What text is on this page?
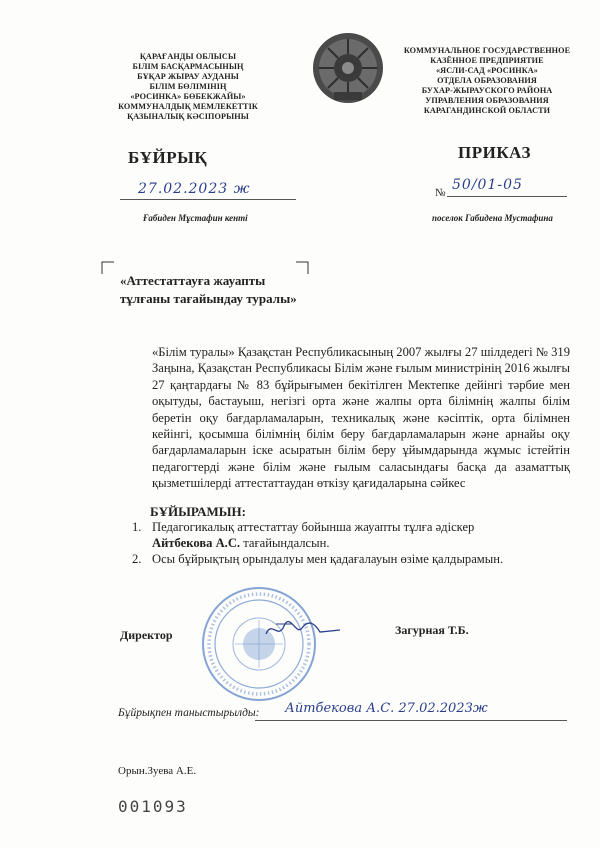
ҚАРАҒАНДЫ ОБЛЫСЫ
БІЛІМ БАСҚАРМАСЫНЫҢ
БҰҚАР ЖЫРАУ АУДАНЫ
БІЛІМ БӨЛІМІНІҢ
«РОСИНКА» БӨБЕКЖАЙЫ»
КОММУНАЛДЫҚ МЕМЛЕКЕТТІК
ҚАЗЫНАЛЫҚ КӘСІПОРЫНЫ
КОММУНАЛЬНОЕ ГОСУДАРСТВЕННОЕ
КАЗЁННОЕ ПРЕДПРИЯТИЕ
«ЯСЛИ-САД «РОСИНКА»
ОТДЕЛА ОБРАЗОВАНИЯ
БУХАР-ЖЫРАУСКОГО РАЙОНА
УПРАВЛЕНИЯ ОБРАЗОВАНИЯ
КАРАГАНДИНСКОЙ ОБЛАСТИ
БҰЙРЫҚ	ПРИКАЗ
27.02.2023 ж	№ 50/01-05
Ғабиден Мұстафин кенті	поселок Габидена Мустафина
«Аттестаттауға жауапты
тұлғаны тағайындау туралы»

«Білім туралы» Қазақстан Республикасының 2007 жылғы 27 шілдедегі № 319 Заңына, Қазақстан Республикасы Білім және ғылым министрінің 2016 жылғы 27 қаңтардағы № 83 бұйрығымен бекітілген Мектепке дейінгі тәрбие мен оқытуды, бастауыш, негізгі орта және жалпы орта білімнің жалпы білім беретін оқу бағдарламаларын, техникалық және кәсіптік, орта білімнен кейінгі, қосымша білімнің білім беру бағдарламаларын және арнайы оқу бағдарламаларын іске асыратын білім беру ұйымдарында жұмыс істейтін педагогтерді және білім және ғылым саласындағы басқа да азаматтық қызметшілерді аттестаттаудан өткізу қағидаларына сәйкес

БҰЙЫРАМЫН:
1. Педагогикалық аттестаттау бойынша жауапты тұлға әдіскер
Айтбекова А.С. тағайындалсын.
2. Осы бұйрықтың орындалуы мен қадағалауын өзіме қалдырамын.
Директор	Загурная Т.Б.
Бұйрықпен таныстырылды: Айтбекова А.С. 27.02.2023ж
Орын.Зуева А.Е.
001093
